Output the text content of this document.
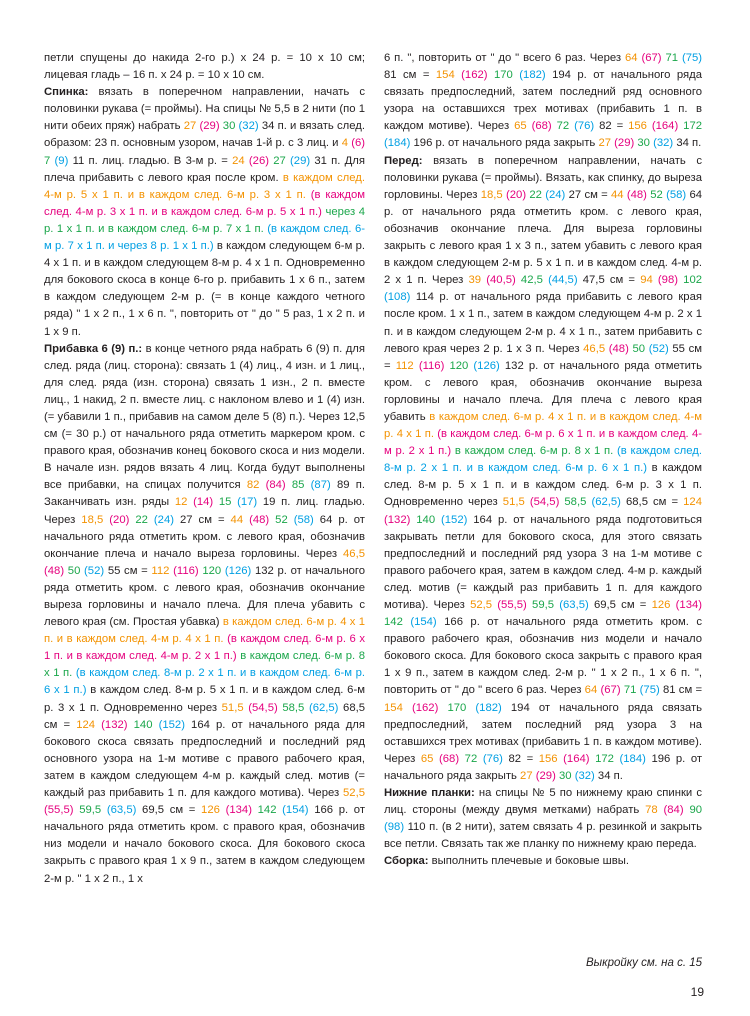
петли спущены до накида 2-го р.) х 24 р. = 10 х 10 см; лицевая гладь – 16 п. х 24 р. = 10 х 10 см.

Спинка: вязать в поперечном направлении, начать с половинки рукава (= проймы). На спицы № 5,5 в 2 нити (по 1 нити обеих пряж) набрать 27 (29) 30 (32) 34 п. и вязать след. образом: 23 п. основным узором, начав 1-й р. с 3 лиц. и 4 (6) 7 (9) 11 п. лиц. гладью. В 3-м р. = 24 (26) 27 (29) 31 п. Для плеча прибавить с левого края после кром. в каждом след. 4-м р. 5 х 1 п. и в каждом след. 6-м р. 3 х 1 п. (в каждом след. 4-м р. 3 х 1 п. и в каждом след. 6-м р. 5 х 1 п.) через 4 р. 1 х 1 п. и в каждом след. 6-м р. 7 х 1 п. (в каждом след. 6-м р. 7 х 1 п. и через 8 р. 1 х 1 п.) в каждом следующем 6-м р. 4 х 1 п. и в каждом следующем 8-м р. 4 х 1 п. Одновременно для бокового скоса в конце 6-го р. прибавить 1 х 6 п., затем в каждом следующем 2-м р. (= в конце каждого четного ряда) " 1 х 2 п., 1 х 6 п. ", повторить от " до " 5 раз, 1 х 2 п. и 1 х 9 п.

Прибавка 6 (9) п.: в конце четного ряда набрать 6 (9) п. для след. ряда (лиц. сторона): связать 1 (4) лиц., 4 изн. и 1 лиц., для след. ряда (изн. сторона) связать 1 изн., 2 п. вместе лиц., 1 накид, 2 п. вместе лиц. с наклоном влево и 1 (4) изн. (= убавили 1 п., прибавив на самом деле 5 (8) п.). Через 12,5 см (= 30 р.) от начального ряда отметить маркером кром. с правого края, обозначив конец бокового скоса и низ модели. В начале изн. рядов вязать 4 лиц. Когда будут выполнены все прибавки, на спицах получится 82 (84) 85 (87) 89 п. Заканчивать изн. ряды 12 (14) 15 (17) 19 п. лиц. гладью. Через 18,5 (20) 22 (24) 27 см = 44 (48) 52 (58) 64 р. от начального ряда отметить кром. с левого края, обозначив окончание плеча и начало выреза горловины. Через 46,5 (48) 50 (52) 55 см = 112 (116) 120 (126) 132 р. от начального ряда отметить кром. с левого края, обозначив окончание выреза горловины и начало плеча. Для плеча убавить с левого края (см. Простая убавка) в каждом след. 6-м р. 4 х 1 п. и в каждом след. 4-м р. 4 х 1 п. (в каждом след. 6-м р. 6 х 1 п. и в каждом след. 4-м р. 2 х 1 п.) в каждом след. 6-м р. 8 х 1 п. (в каждом след. 8-м р. 2 х 1 п. и в каждом след. 6-м р. 6 х 1 п.) в каждом след. 8-м р. 5 х 1 п. и в каждом след. 6-м р. 3 х 1 п. Одновременно через 51,5 (54,5) 58,5 (62,5) 68,5 см = 124 (132) 140 (152) 164 р. от начального ряда для бокового скоса связать предпоследний и последний ряд основного узора на 1-м мотиве с правого рабочего края, затем в каждом следующем 4-м р. каждый след. мотив (= каждый раз прибавить 1 п. для каждого мотива). Через 52,5 (55,5) 59,5 (63,5) 69,5 см = 126 (134) 142 (154) 166 р. от начального ряда отметить кром. с правого края, обозначив низ модели и начало бокового скоса. Для бокового скоса закрыть с правого края 1 х 9 п., затем в каждом следующем 2-м р. " 1 х 2 п., 1 х

6 п. ", повторить от " до " всего 6 раз. Через 64 (67) 71 (75) 81 см = 154 (162) 170 (182) 194 р. от начального ряда связать предпоследний, затем последний ряд основного узора на оставшихся трех мотивах (прибавить 1 п. в каждом мотиве). Через 65 (68) 72 (76) 82 = 156 (164) 172 (184) 196 р. от начального ряда закрыть 27 (29) 30 (32) 34 п.

Перед: вязать в поперечном направлении, начать с половинки рукава (= проймы). Вязать, как спинку, до выреза горловины. Через 18,5 (20) 22 (24) 27 см = 44 (48) 52 (58) 64 р. от начального ряда отметить кром. с левого края, обозначив окончание плеча. Для выреза горловины закрыть с левого края 1 х 3 п., затем убавить с левого края в каждом следующем 2-м р. 5 х 1 п. и в каждом след. 4-м р. 2 х 1 п. Через 39 (40,5) 42,5 (44,5) 47,5 см = 94 (98) 102 (108) 114 р. от начального ряда прибавить с левого края после кром. 1 х 1 п., затем в каждом следующем 4-м р. 2 х 1 п. и в каждом следующем 2-м р. 4 х 1 п., затем прибавить с левого края через 2 р. 1 х 3 п. Через 46,5 (48) 50 (52) 55 см = 112 (116) 120 (126) 132 р. от начального ряда отметить кром. с левого края, обозначив окончание выреза горловины и начало плеча. Для плеча с левого края убавить в каждом след. 6-м р. 4 х 1 п. и в каждом след. 4-м р. 4 х 1 п. (в каждом след. 6-м р. 6 х 1 п. и в каждом след. 4-м р. 2 х 1 п.) в каждом след. 6-м р. 8 х 1 п. (в каждом след. 8-м р. 2 х 1 п. и в каждом след. 6-м р. 6 х 1 п.) в каждом след. 8-м р. 5 х 1 п. и в каждом след. 6-м р. 3 х 1 п. Одновременно через 51,5 (54,5) 58,5 (62,5) 68,5 см = 124 (132) 140 (152) 164 р. от начального ряда подготовиться закрывать петли для бокового скоса, для этого связать предпоследний и последний ряд узора 3 на 1-м мотиве с правого рабочего края, затем в каждом след. 4-м р. каждый след. мотив (= каждый раз прибавить 1 п. для каждого мотива). Через 52,5 (55,5) 59,5 (63,5) 69,5 см = 126 (134) 142 (154) 166 р. от начального ряда отметить кром. с правого рабочего края, обозначив низ модели и начало бокового скоса. Для бокового скоса закрыть с правого края 1 х 9 п., затем в каждом след. 2-м р. " 1 х 2 п., 1 х 6 п. ", повторить от " до " всего 6 раз. Через 64 (67) 71 (75) 81 см = 154 (162) 170 (182) 194 от начального ряда связать предпоследний, затем последний ряд узора 3 на оставшихся трех мотивах (прибавить 1 п. в каждом мотиве). Через 65 (68) 72 (76) 82 = 156 (164) 172 (184) 196 р. от начального ряда закрыть 27 (29) 30 (32) 34 п.

Нижние планки: на спицы № 5 по нижнему краю спинки с лиц. стороны (между двумя метками) набрать 78 (84) 90 (98) 110 п. (в 2 нити), затем связать 4 р. резинкой и закрыть все петли. Связать так же планку по нижнему краю переда.

Сборка: выполнить плечевые и боковые швы.

Выкройку см. на с. 15
19
